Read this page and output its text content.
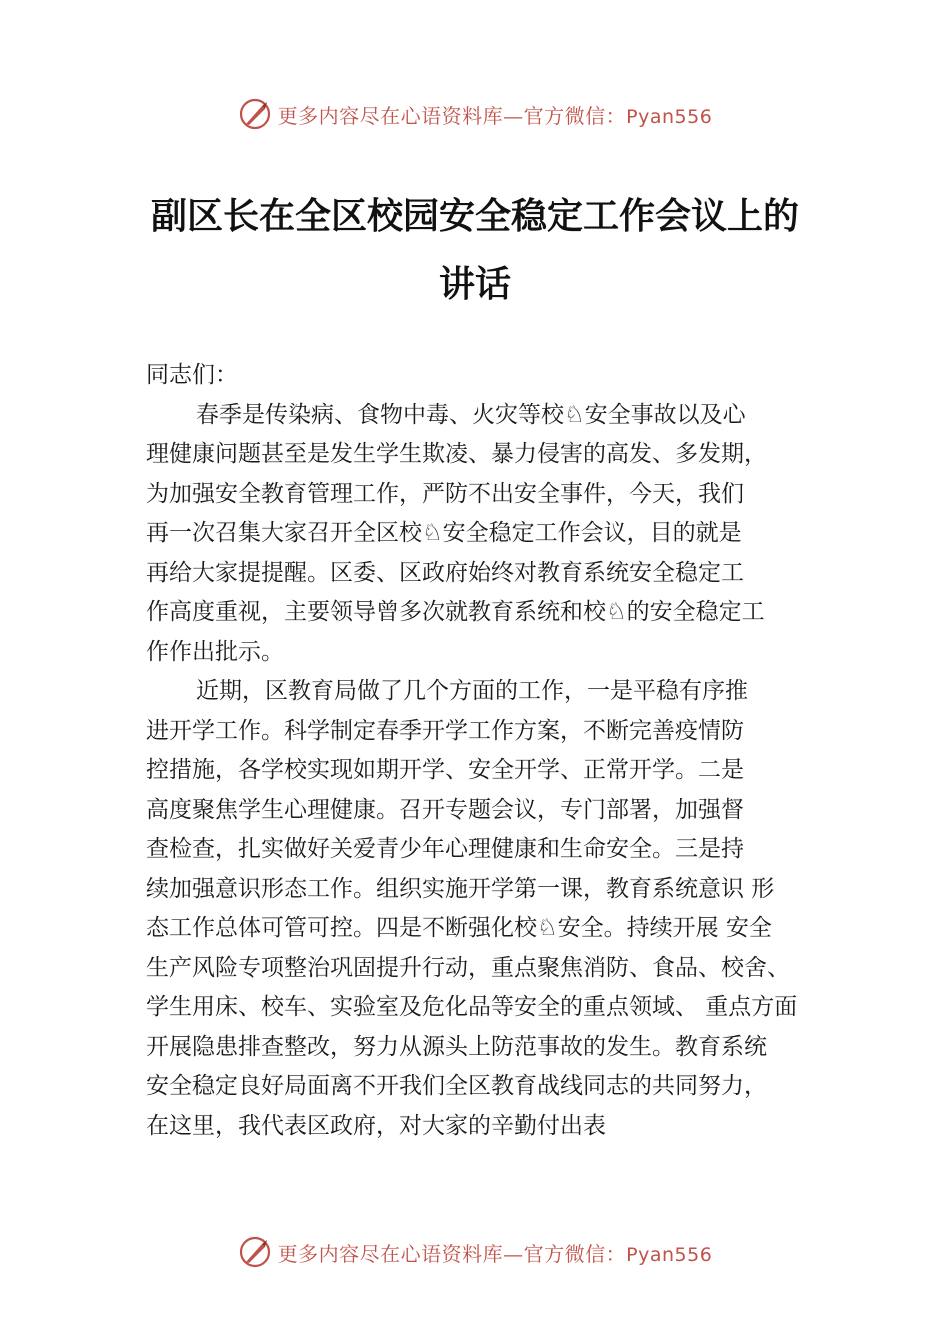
更多内容尽在心语资料库—官方微信：Pyan556
副区长在全区校园安全稳定工作会议上的
讲话
同志们：
春季是传染病、食物中毒、火灾等校♘安全事故以及心
理健康问题甚至是发生学生欺凌、暴力侵害的高发、多发期，
为加强安全教育管理工作，严防不出安全事件，今天，我们
再一次召集大家召开全区校♘安全稳定工作会议，目的就是
再给大家提提醒。区委、区政府始终对教育系统安全稳定工
作高度重视，主要领导曾多次就教育系统和校♘的安全稳定工
作作出批示。
近期，区教育局做了几个方面的工作，一是平稳有序推
进开学工作。科学制定春季开学工作方案，不断完善疫情防
控措施，各学校实现如期开学、安全开学、正常开学。二是
高度聚焦学生心理健康。召开专题会议，专门部署，加强督
查检查，扎实做好关爱青少年心理健康和生命安全。三是持
续加强意识形态工作。组织实施开学第一课，教育系统意识 形
态工作总体可管可控。四是不断强化校♘安全。持续开展 安全
生产风险专项整治巩固提升行动，重点聚焦消防、食品、校舍、
学生用床、校车、实验室及危化品等安全的重点领域、 重点方面
开展隐患排查整改，努力从源头上防范事故的发生。教育系统
安全稳定良好局面离不开我们全区教育战线同志的共同努力，
在这里，我代表区政府，对大家的辛勤付出表
更多内容尽在心语资料库—官方微信：Pyan556
